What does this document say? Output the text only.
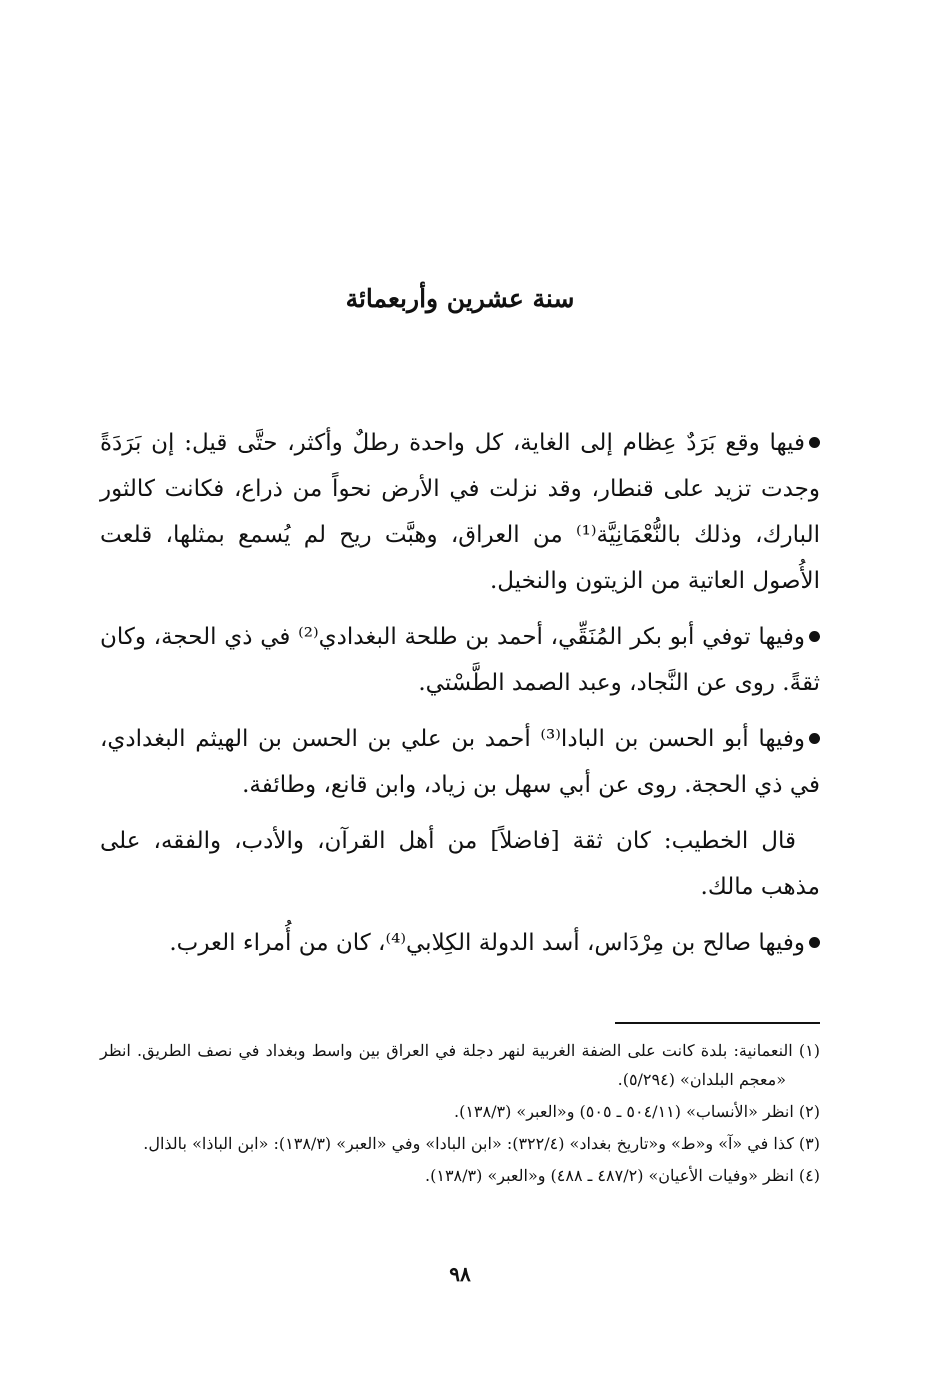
سنة عشرين وأربعمائة

فيها وقع بَرَدٌ عِظام إلى الغاية، كل واحدة رطلٌ وأكثر، حتَّى قيل: إن بَرَدَةً وجدت تزيد على قنطار، وقد نزلت في الأرض نحواً من ذراع، فكانت كالثور البارك، وذلك بالنُّعْمَانِيَّة⁽¹⁾ من العراق، وهبَّت ريح لم يُسمع بمثلها، قلعت الأُصول العاتية من الزيتون والنخيل.

وفيها توفي أبو بكر المُنَقِّي، أحمد بن طلحة البغدادي⁽²⁾ في ذي الحجة، وكان ثقةً. روى عن النَّجاد، وعبد الصمد الطَّسْتي.

وفيها أبو الحسن بن البادا⁽³⁾ أحمد بن علي بن الحسن بن الهيثم البغدادي، في ذي الحجة. روى عن أبي سهل بن زياد، وابن قانع، وطائفة.

قال الخطيب: كان ثقة [فاضلاً] من أهل القرآن، والأدب، والفقه، على مذهب مالك.

وفيها صالح بن مِرْدَاس، أسد الدولة الكِلابي⁽⁴⁾، كان من أُمراء العرب.

(١) النعمانية: بلدة كانت على الضفة الغربية لنهر دجلة في العراق بين واسط وبغداد في نصف الطريق. انظر «معجم البلدان» (٥/٢٩٤).

(٢) انظر «الأنساب» (٥٠٤/١١ ـ ٥٠٥) و«العبر» (١٣٨/٣).

(٣) كذا في «آ» و«ط» و«تاريخ بغداد» (٣٢٢/٤): «ابن البادا» وفي «العبر» (١٣٨/٣): «ابن الباذا» بالذال.

(٤) انظر «وفيات الأعيان» (٤٨٧/٢ ـ ٤٨٨) و«العبر» (١٣٨/٣).

٩٨
